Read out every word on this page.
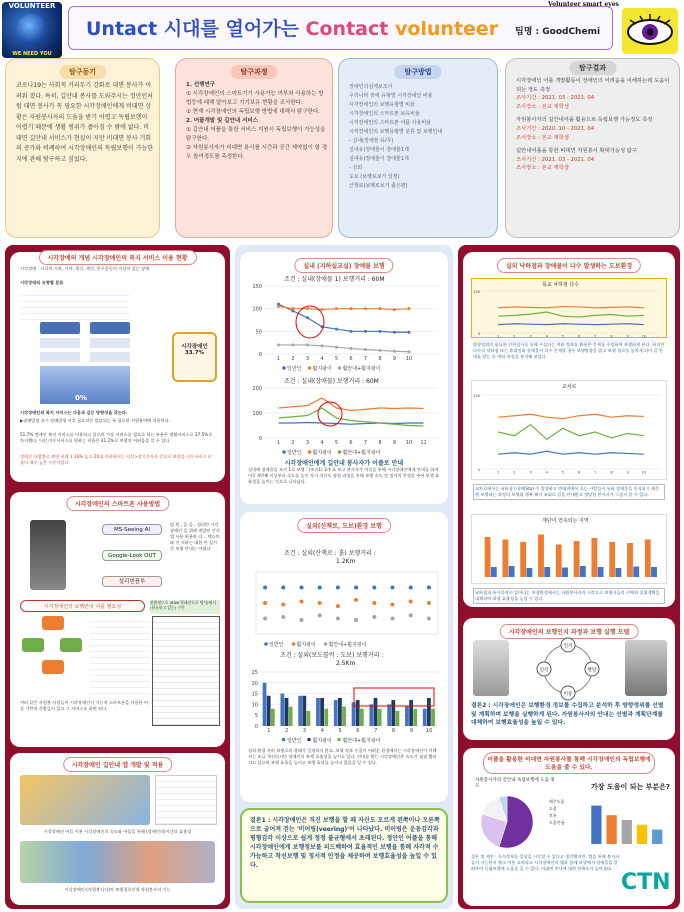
VOLUNTEER
WE NEED YOU
Untact 시대를 열어가는 Contact volunteer 팀명 : GoodChemi
Volunteer smart eyes
탐구동기
코로나19는 사회적 거리두기 강화로 대면 봉사가 어려워 졌다. 특히, 길안내 봉사를 도와주시는 정안인처럼 대면 봉사가 꼭 필요한 시각장애인에게 비대면 상황은 자원봉사자의 도움을 받기 어렵고 독립보행이 어렵기 때문에 생활 범위가 좁아질 수 밖에 없다. 비대면 길안내 서비스가 현실이 지만 비대면 봉사 기회의 증가와 비례하여 시각장애인의 독립보행이 가능한지에 관해 탐구하고 싶었다.
탐구과정
1. 선행연구
① 시각장애인의 스마트기기 사용가능 여부와 사용하는 방법등에 대해 알아보고 기기보유 현황을 조사한다.
② 현재 시각장애인의 독립보행 방법에 대해서 탐구한다.
2. 어플개발 및 길안내 서비스
① 길안내 어플을 통한 서비스 지원시 독립보행이 가능성을 탐구한다.
② 자원봉사자가 비대면 봉사를 시간과 공간 제약없이 할 경우 참여정도를 측정한다.
탐구방법
장애인의심제보조사
우리나라 장애 유형별 시각장애인 비율
시각장애인의 보행유형별 비율
시각장애인의 스마트폰 보유비율
시각장애인의 스마트폰 어플 사용비율
시각장애인의 보행유형별 분류 및 보행안내
- 실내(장애물 유/무)
실내유(장애물이 장애물1개
실내유(장애물이 장애물1개
- 실외
도보 (보행로보가 일정)
산책로(보행로보가 좁은편)
탐구결과
시각장애인 어플 개발활동이 장애인의 어려움을 이해하는데 도움이 되는 정도 측정
조사기간 : 2021. 03 - 2021. 04
조사장소 : 본교 재학생
자원봉사자의 길안내어플 활용으로 독립보행 가능정도 측정
조사기간 : 2020. 10 - 2021. 04
조사장소 : 본교 재학생
길안내어플을 통한 비대면 자원봉사 확대가능성 탐구
조사기간 : 2021. 03 - 2021. 04
조사장소 : 본교 재학생
시각장애의 개념 시각장애인의 복지 서비스 이용 현황
시각장애 : 시각의 시력, 시야, 광각, 색각, 안구운동의 이상이 있는 장애
시각장애의 유형별 분류
0%
시각장애인 33.7%
시각장애인의 복지 서비스는 다음과 같은 방향성을 갖는다.
▶장애발생 초기 장애발생 이후 필요적인 발달되는 폭 필요한 지원분야에 적용한다.
51.7% 정애인 복지 서비스를 이용하고 있으며 가장 서비스를 필요로 하는 부분은 생활서비스로 37.5%로 차지했다. 이런 이동서비스를 원하는 비율은 31.2%로 보행의 어려움을 알 수 있다.
정애인 사업별로 보면 비례 1.16% 높고 20대 이하에서는 자살>장기중사자 순으로 보행을 이동서비스 비율이 매우 높은 수준이었다.
시각장애인의 스마트폰 사용방법
MS-Seeing AI
Google-Look OUT
설리번플루
텀 원 , 음 을 , 설리번 시각장애인 을 위해 개발된 인식 앱 사용 허용한 다 .. 텍스트와 인 지하는 대한 안 실시간 보행 안내는 어렵다
시각장애인의 보행안내 어플 필요성
맞춤형으로 (6DB 형태진로로 방식)에서 (원유하고 있는) 구인
여러 같은 자원봉 사장들이 시각장애인이 기능적 스마트폰을 이용한 어플 기반의 사람들이 있고 그 서비스를 하면 된다.
시각장애인 길안내 앱 개발 및 적용
시각장애인 어플 이용 시각장애인의 속도와 어플을 통해 (장애인의)시간과 효율성
시각장애인-(자원봉사자)의 보행경로안내 자원봉사의 기능
실내 (지하실교실) 장애물 보행
조건 : 실내(장애물 1) 보행거리 : 60M
0
50
100
150
1 2 3 4 5 6 7 8 9 10
일반인 휠지팡이 휠안내+휠지팡이
조건 : 실내(장애물) 보행거리 : 60M
0
100
200
1 2 3 4 5 6 7 8 9 10 11
일반인 휠지팡이 휠안내+휠지팡이
시각장애인에게 길안내 봉사자가 어플로 안내
실내에 장애물을 조건 1로 보행 : (조건1) 3개 표 보고 봉사자가 어플을 통해 시각장애인에게 안내를 하며 이동 4번째 이상부터 속도를 높인 자기 자신도 점점 과정을 통해 보행 속도 및 정서적 안정을 주어 보행 효율성을 높이는 것으로 나타났다.
실외(산책로, 도보)환경 보행
조건 : 실외(산책로 : 흙) 보행거리 :
1.2Km
일반인	휠지팡이	휠안내+휠지팡이
조건 : 실외(보도블럭 : 도보) 보행거리 :
2.5Km
0
5
10
15
20
25
1	2	3	4	5	6	7	8	9	10
일반인 휠지팡이 휠안내+휠지팡이
실외 환경 특히 보행로의 형태가 일정하지 않고, 보행 정보 수집이 어려운 환경에서는 시각장애인이 비례서는 조금 개선되지만 장애인의 보행 효율성을 높이고 있다. 안내를 받는 시각장애인은 속도가 점점 빨라지고 있으며 보행 효율을 높이고 보행 효과를 높이고 있음을 알 수 있다.
결론1 : 시각장애인은 직진 보행을 할 때 자신도 모르게 왼쪽이나 오른쪽으로 굽어져 걷는 '비어링(veering)'이 나타났다. 비어링은 운동감각과 평형감각 이상으로 쉽게 정정 불균형에서 초래된다. 정안인 어플을 통해 시각장애인에게 보행정보를 피드백하여 효율적인 보행을 통해 자각적 수 가능하고 착선보행 및 정서적 안정을 제공하여 보행효율성을 높일 수 있다.
실외 낙하점과 장애물이 다수 발생하는 도보환경
목교 낙하점 다수
0
100
1	2	3	4	5	6	7	8	9	10
방향정위의 필요한 인편집자를 통해 수집되는 여러 정보를 활용한 문제를 수정하여 보행하게 된다. 하지만 다수의 낙하점 또는 휴대전화 장애물이 다수 존재할 경우 보행방향을 잃고 보행 경로를 놓치게 되어 길 안내를 받는 등 여러 특성을 분석해 보았다.
교차로
0
100
1	2	3	4	5	6	7	8	9	10
교차로에서는 낙하점 (내계(Sta) 이 발생하고 반대편에서 오는 사람들이 통화 장애물을 인식되기 때문에 보행하는 과정의 보행위 행복 해지 조회로 길을 안내받고 정당한 봉사자가 그렇지 알 수 있다.
계단이 연속되는 지역
낙하점과 통시목적이 일어나는 보행환경에서는 자원봉사자의 시각으로 보행자들의 선택과 실행계획을 대체하여 보행 효율성을 높일 수 있다.
시각장애인의 보행인지 과정과 보행 실행 모델
인지
판단
이동
인식
결론2 : 시각장애인은 보행환경 정보를 수집하고 분석하 후 방향정위를 선별 및 계획하며 보행을 실행하게 된다. 자원봉사자의 안내는 선별과 계획단계를 대체하여 보행효율성을 높일 수 있다.
어플을 활용한 비대면 자원봉사를 통해 시각장애인의 독립보행에 도움을 줄 수 있다.
자원봉사자의 길안내 독립보행에 도움 정도
매우도움
도움
보통
도움안됨
가장 도움이 되는 부분은?
결론 및 제안 : 독사정보를 일상을 시각할 수 있다고 생각했지만, 앱을 통해 봉사자들이 가능한지 체크 이용 요약하고 시각장애인의 앱과 함께 보행에서 장애물을 알려주어 독립보행에 도움을 줄 수 있다. 비대면 봉사에 대한 만족도가 높아졌다.
CTN
